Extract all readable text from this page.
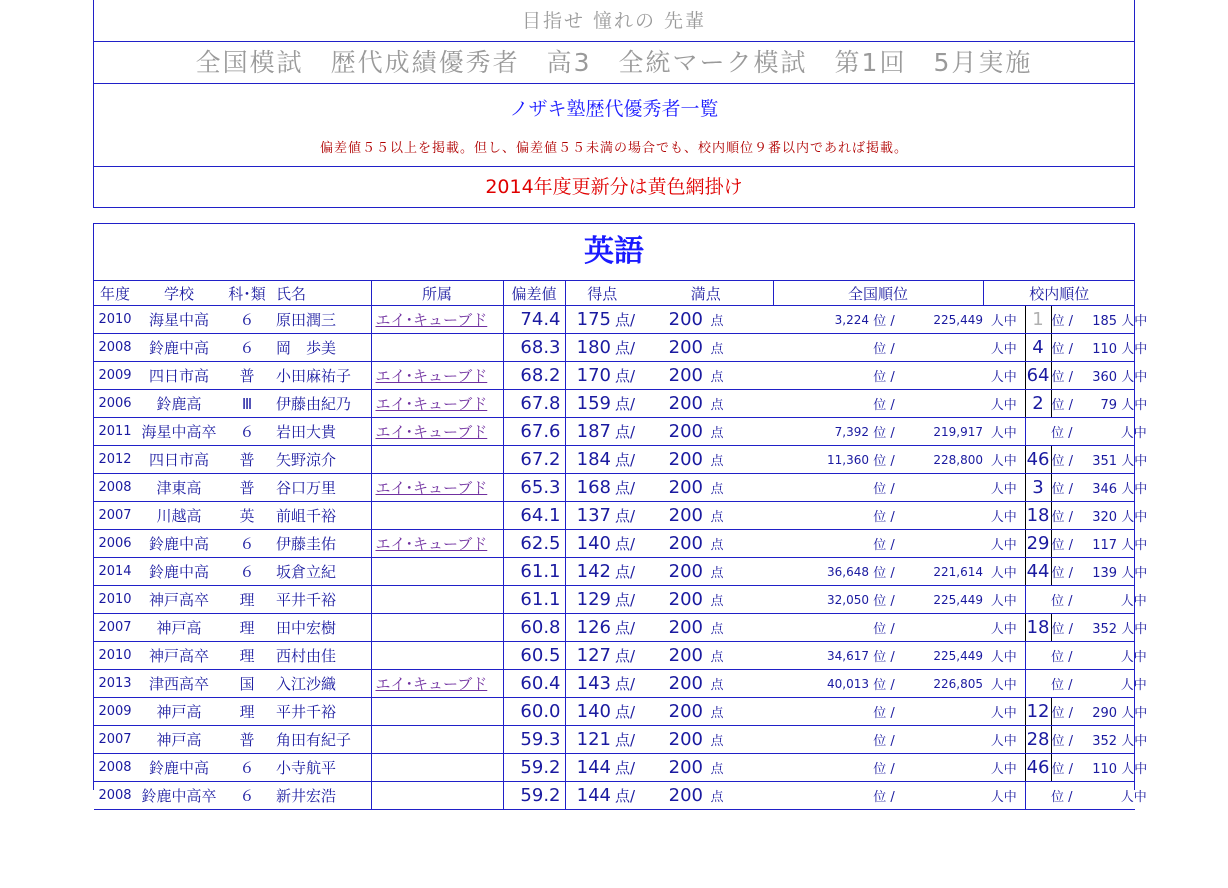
目指せ 憧れの 先輩
全国模試　歴代成績優秀者　高3　全統マーク模試　第1回　5月実施
ノザキ塾歴代優秀者一覧
偏差値５５以上を掲載。但し、偏差値５５未満の場合でも、校内順位９番以内であれば掲載。
2014年度更新分は黄色網掛け
英語
年度	学校	科･類	氏名	所属	偏差値	得点		満点			全国順位			校内順位		
2010	海星中高	６	原田潤三	エイ･キューブド	74.4	175	点/	200	点		3,224	位 /	225,449	人中	1	位 / 185 人中
2008	鈴鹿中高	６	岡　歩美		68.3	180	点/	200	点			位 /		人中	4	位 / 110 人中
2009	四日市高	普	小田麻祐子	エイ･キューブド	68.2	170	点/	200	点			位 /		人中	64	位 / 360 人中
2006	鈴鹿高	Ⅲ	伊藤由紀乃	エイ･キューブド	67.8	159	点/	200	点			位 /		人中	2	位 / 79 人中
2011	海星中高卒	６	岩田大貴	エイ･キューブド	67.6	187	点/	200	点		7,392	位 /	219,917	人中		位 / 人中
2012	四日市高	普	矢野涼介		67.2	184	点/	200	点		11,360	位 /	228,800	人中	46	位 / 351 人中
2008	津東高	普	谷口万里	エイ･キューブド	65.3	168	点/	200	点			位 /		人中	3	位 / 346 人中
2007	川越高	英	前岨千裕		64.1	137	点/	200	点			位 /		人中	18	位 / 320 人中
2006	鈴鹿中高	６	伊藤圭佑	エイ･キューブド	62.5	140	点/	200	点			位 /		人中	29	位 / 117 人中
2014	鈴鹿中高	６	坂倉立紀		61.1	142	点/	200	点		36,648	位 /	221,614	人中	44	位 / 139 人中
2010	神戸高卒	理	平井千裕		61.1	129	点/	200	点		32,050	位 /	225,449	人中		位 / 人中
2007	神戸高	理	田中宏樹		60.8	126	点/	200	点			位 /		人中	18	位 / 352 人中
2010	神戸高卒	理	西村由佳		60.5	127	点/	200	点		34,617	位 /	225,449	人中		位 / 人中
2013	津西高卒	国	入江沙織	エイ･キューブド	60.4	143	点/	200	点		40,013	位 /	226,805	人中		位 / 人中
2009	神戸高	理	平井千裕		60.0	140	点/	200	点			位 /		人中	12	位 / 290 人中
2007	神戸高	普	角田有紀子		59.3	121	点/	200	点			位 /		人中	28	位 / 352 人中
2008	鈴鹿中高	６	小寺航平		59.2	144	点/	200	点			位 /		人中	46	位 / 110 人中
2008	鈴鹿中高卒	６	新井宏浩		59.2	144	点/	200	点			位 /		人中		位 / 人中
